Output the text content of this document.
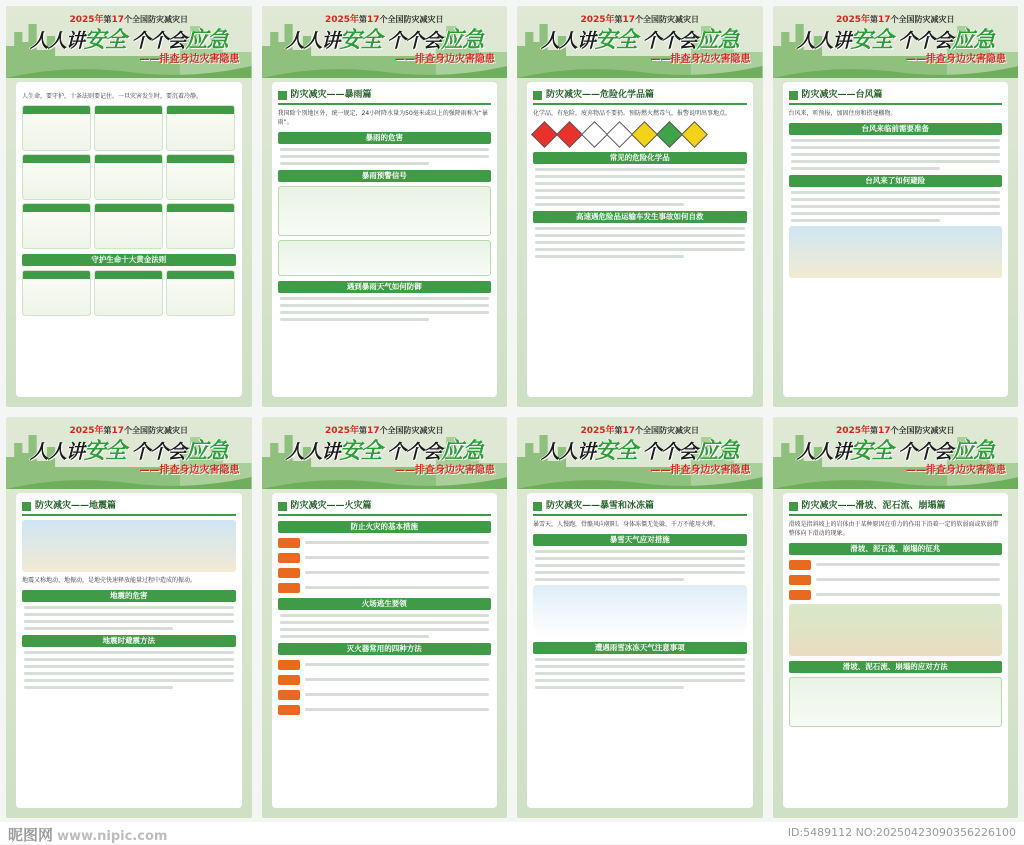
2025年第17个全国防灾减灾日
人人讲安全 个个会应急
——排查身边灾害隐患
人生命，要守护，十条法则要记住。一旦灾害发生时，要沉着冷静。
守护生命十大黄金法则
2025年第17个全国防灾减灾日
人人讲安全 个个会应急
——排查身边灾害隐患
防灾减灾——暴雨篇
我国除个别地区外，统一规定，24小时降水量为50毫米或以上的强降雨称为“暴雨”。
暴雨的危害
暴雨预警信号
遇到暴雨天气如何防御
2025年第17个全国防灾减灾日
人人讲安全 个个会应急
——排查身边灾害隐患
防灾减灾——危险化学品篇
化学品，有危险，废弃物品不要扔。预防燃火燃毒气，报警说明出事地点。
常见的危险化学品
高速遇危险品运输车发生事故如何自救
2025年第17个全国防灾减灾日
人人讲安全 个个会应急
——排查身边灾害隐患
防灾减灾——台风篇
台风来，听预报，加固住房和搭建棚物。
台风来临前需要准备
台风来了如何避险
2025年第17个全国防灾减灾日
人人讲安全 个个会应急
——排查身边灾害隐患
防灾减灾——地震篇
地震又称地动、地振动，是地壳快速释放能量过程中造成的振动。
地震的危害
地震时避震方法
2025年第17个全国防灾减灾日
人人讲安全 个个会应急
——排查身边灾害隐患
防灾减灾——火灾篇
防止火灾的基本措施
火场逃生要领
灭火器常用的四种方法
2025年第17个全国防灾减灾日
人人讲安全 个个会应急
——排查身边灾害隐患
防灾减灾——暴雪和冰冻篇
暴雪天，人慢跑，骨骼风向朝阳。身体冻僵无处躲，千万不能用火烤。
暴雪天气应对措施
遭遇雨雪冰冻天气注意事项
2025年第17个全国防灾减灾日
人人讲安全 个个会应急
——排查身边灾害隐患
防灾减灾——滑坡、泥石流、崩塌篇
滑坡是指斜坡上的岩体由于某种原因在重力的作用下沿着一定的软弱面或软弱带整体向下滑动的现象。
滑坡、泥石流、崩塌的征兆
滑坡、泥石流、崩塌的应对方法
昵图网 www.nipic.com	ID:5489112 NO:20250423090356226100
